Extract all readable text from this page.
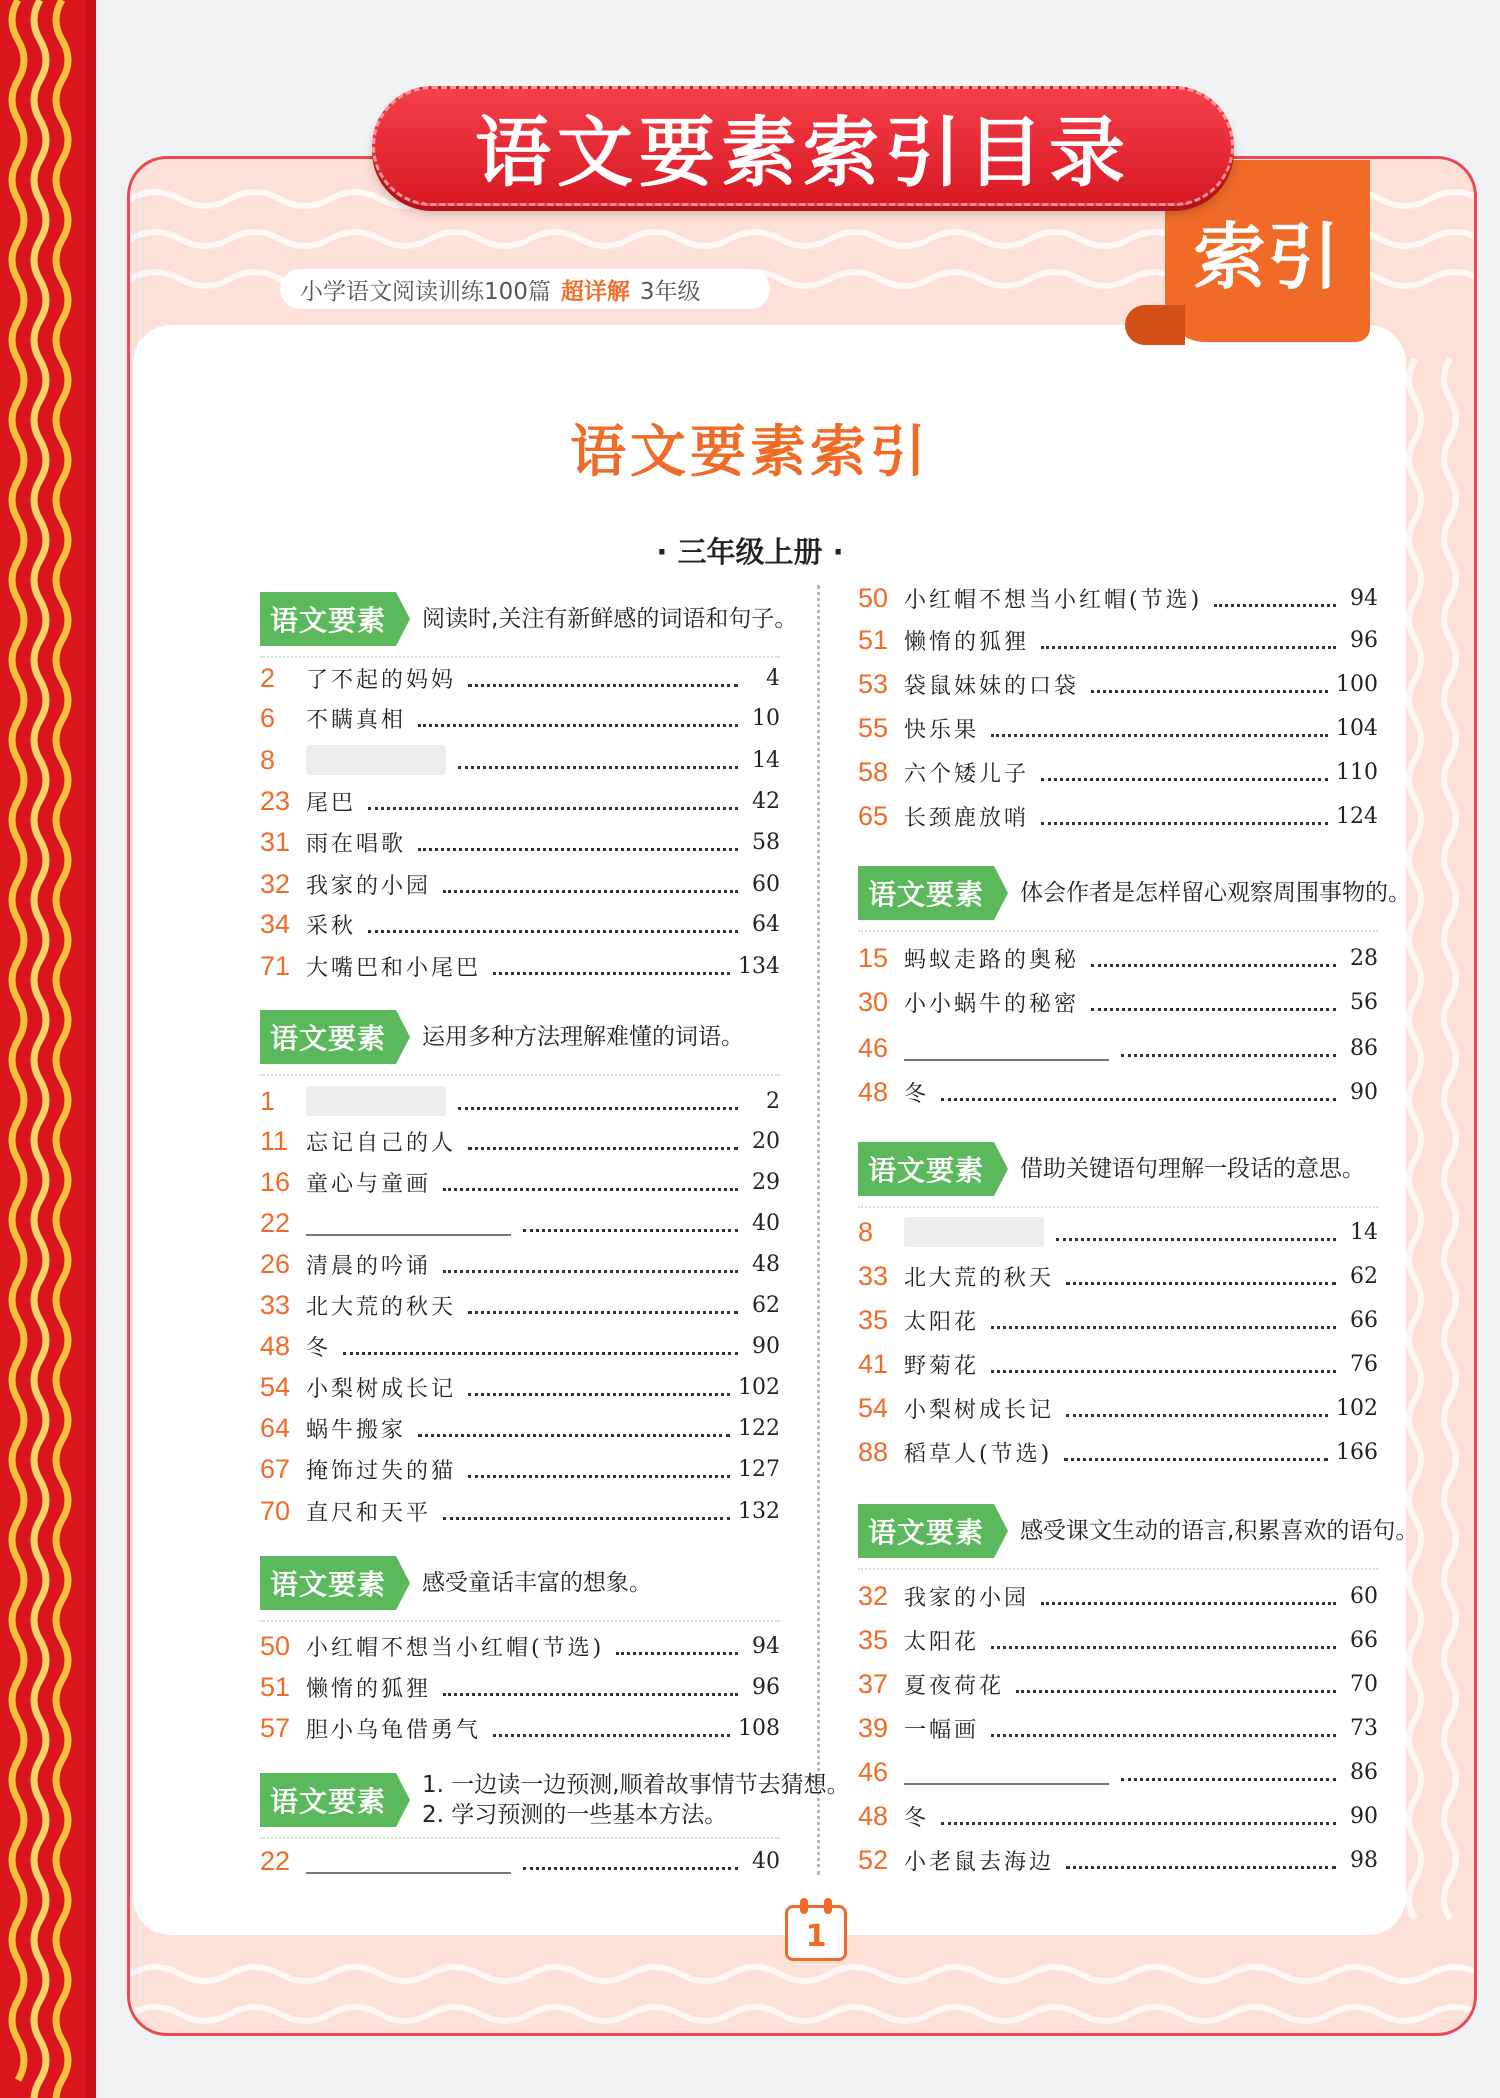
索引
语文要素索引目录
小学语文阅读训练100篇 超详解 3年级
语文要素索引
· 三年级上册 ·
语文要素	阅读时,关注有新鲜感的词语和句子。
2	了不起的妈妈	4
6	不瞒真相	10
8	14
23 尾巴	42
31 雨在唱歌	58
32 我家的小园	60
34 采秋	64
71 大嘴巴和小尾巴	134
语文要素	运用多种方法理解难懂的词语。
1	2
11 忘记自己的人	20
16 童心与童画	29
22	40
26 清晨的吟诵	48
33 北大荒的秋天	62
48 冬	90
54 小梨树成长记	102
64 蜗牛搬家	122
67 掩饰过失的猫	127
70 直尺和天平	132
语文要素	感受童话丰富的想象。
50 小红帽不想当小红帽(节选)	94
51 懒惰的狐狸	96
57 胆小乌龟借勇气	108
语文要素	1. 一边读一边预测,顺着故事情节去猜想。
2. 学习预测的一些基本方法。
22	40
50 小红帽不想当小红帽(节选)	94
51 懒惰的狐狸	96
53 袋鼠妹妹的口袋	100
55 快乐果	104
58 六个矮儿子	110
65 长颈鹿放哨	124
语文要素	体会作者是怎样留心观察周围事物的。
15 蚂蚁走路的奥秘	28
30 小小蜗牛的秘密	56
46	86
48 冬	90
语文要素	借助关键语句理解一段话的意思。
8	14
33 北大荒的秋天	62
35 太阳花	66
41 野菊花	76
54 小梨树成长记	102
88 稻草人(节选)	166
语文要素	感受课文生动的语言,积累喜欢的语句。
32 我家的小园	60
35 太阳花	66
37 夏夜荷花	70
39 一幅画	73
46	86
48 冬	90
52 小老鼠去海边	98
1
